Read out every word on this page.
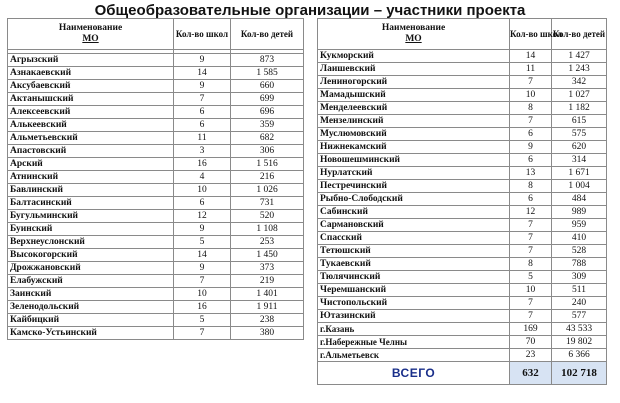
Общеобразовательные организации – участники проекта
Наименование
МО	Кол-во школ	Кол-во детей

Агрызский	9	873
Азнакаевский	14	1 585
Аксубаевский	9	660
Актанышский	7	699
Алексеевский	6	696
Алькеевский	6	359
Альметьевский	11	682
Апастовский	3	306
Арский	16	1 516
Атнинский	4	216
Бавлинский	10	1 026
Балтасинский	6	731
Бугульминский	12	520
Буинский	9	1 108
Верхнеуслонский	5	253
Высокогорский	14	1 450
Дрожжановский	9	373
Елабужский	7	219
Заинский	10	1 401
Зеленодольский	16	1 911
Кайбицкий	5	238
Камско-Устьинский	7	380
Наименование
МО	Кол-во школ	Кол-во детей
Кукморский	14	1 427
Лаишевский	11	1 243
Лениногорский	7	342
Мамадышский	10	1 027
Менделеевский	8	1 182
Мензелинский	7	615
Муслюмовский	6	575
Нижнекамский	9	620
Новошешминский	6	314
Нурлатский	13	1 671
Пестречинский	8	1 004
Рыбно-Слободский	6	484
Сабинский	12	989
Сармановский	7	959
Спасский	7	410
Тетюшский	7	528
Тукаевский	8	788
Тюлячинский	5	309
Черемшанский	10	511
Чистопольский	7	240
Ютазинский	7	577
г.Казань	169	43 533
г.Набережные Челны	70	19 802
г.Альметьевск	23	6 366
ВСЕГО	632	102 718
